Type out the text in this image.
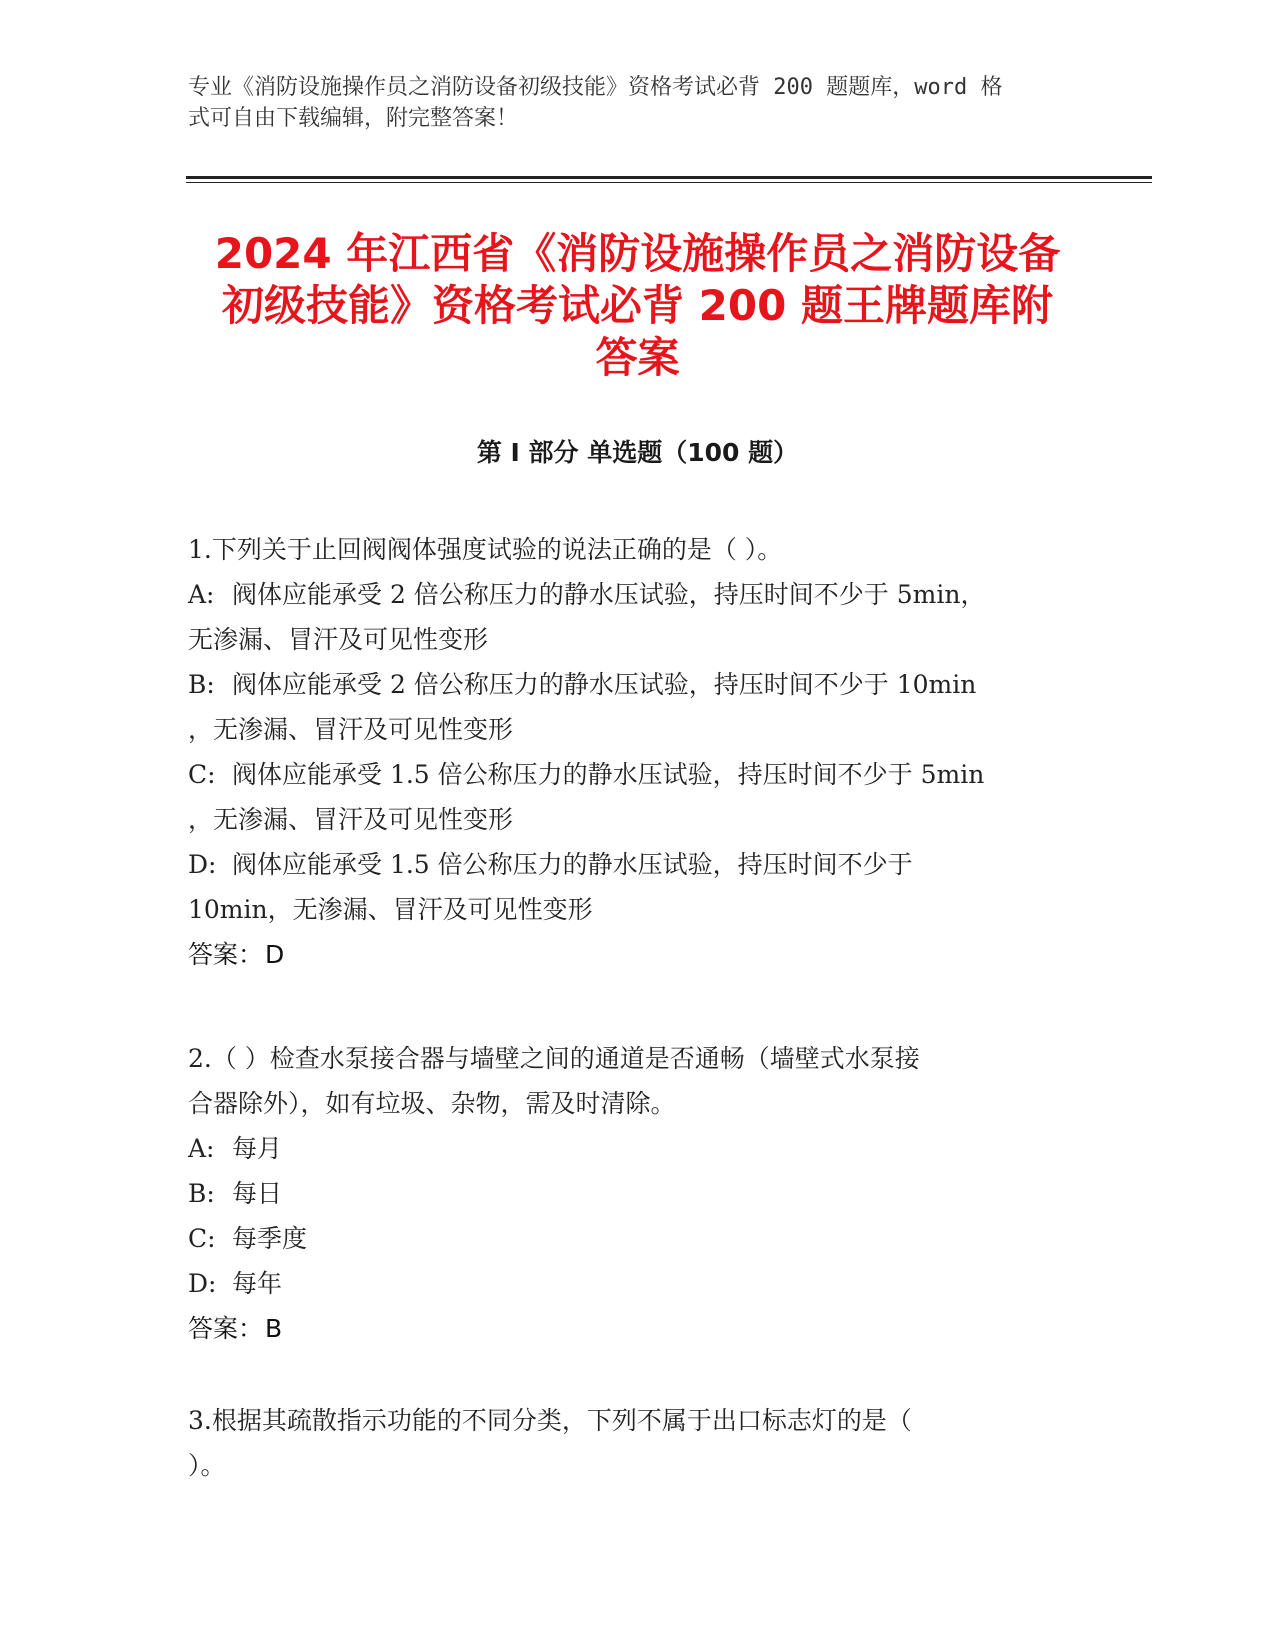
专业《消防设施操作员之消防设备初级技能》资格考试必背 200 题题库，word 格
式可自由下载编辑，附完整答案！
2024 年江西省《消防设施操作员之消防设备
初级技能》资格考试必背 200 题王牌题库附
答案
第 I 部分 单选题（100 题）

1.下列关于止回阀阀体强度试验的说法正确的是（ ）。

A: 阀体应能承受 2 倍公称压力的静水压试验，持压时间不少于 5min，

无渗漏、冒汗及可见性变形

B: 阀体应能承受 2 倍公称压力的静水压试验，持压时间不少于 10min

，无渗漏、冒汗及可见性变形

C: 阀体应能承受 1.5 倍公称压力的静水压试验，持压时间不少于 5min

，无渗漏、冒汗及可见性变形

D: 阀体应能承受 1.5 倍公称压力的静水压试验，持压时间不少于

10min，无渗漏、冒汗及可见性变形

答案：D

2.（ ）检查水泵接合器与墙壁之间的通道是否通畅（墙壁式水泵接

合器除外），如有垃圾、杂物，需及时清除。

A: 每月

B: 每日

C: 每季度

D: 每年

答案：B

3.根据其疏散指示功能的不同分类，下列不属于出口标志灯的是（

）。
